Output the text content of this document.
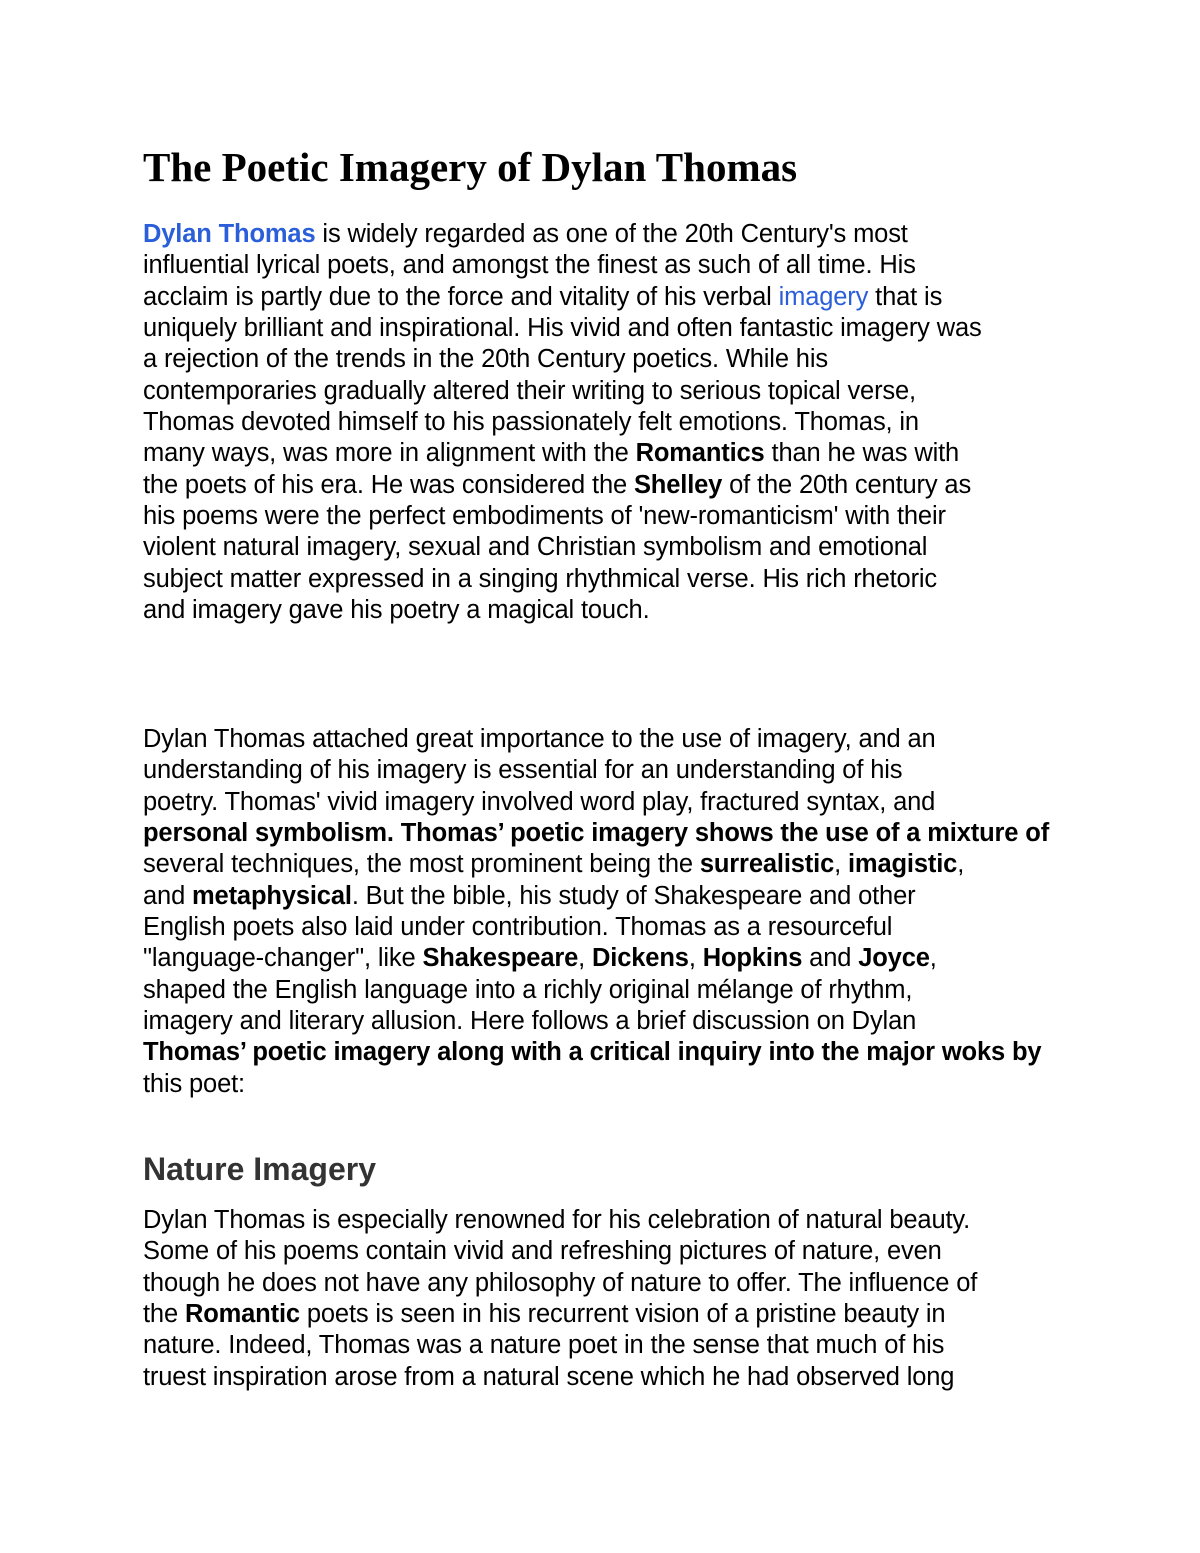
The Poetic Imagery of Dylan Thomas

Dylan Thomas is widely regarded as one of the 20th Century's most
influential lyrical poets, and amongst the finest as such of all time. His
acclaim is partly due to the force and vitality of his verbal imagery that is
uniquely brilliant and inspirational. His vivid and often fantastic imagery was
a rejection of the trends in the 20th Century poetics. While his
contemporaries gradually altered their writing to serious topical verse,
Thomas devoted himself to his passionately felt emotions. Thomas, in
many ways, was more in alignment with the Romantics than he was with
the poets of his era. He was considered the Shelley of the 20th century as
his poems were the perfect embodiments of 'new-romanticism' with their
violent natural imagery, sexual and Christian symbolism and emotional
subject matter expressed in a singing rhythmical verse. His rich rhetoric
and imagery gave his poetry a magical touch.

Dylan Thomas attached great importance to the use of imagery, and an
understanding of his imagery is essential for an understanding of his
poetry. Thomas' vivid imagery involved word play, fractured syntax, and
personal symbolism. Thomas’ poetic imagery shows the use of a mixture of
several techniques, the most prominent being the surrealistic, imagistic,
and metaphysical. But the bible, his study of Shakespeare and other
English poets also laid under contribution. Thomas as a resourceful
"language-changer", like Shakespeare, Dickens, Hopkins and Joyce,
shaped the English language into a richly original mélange of rhythm,
imagery and literary allusion. Here follows a brief discussion on Dylan
Thomas’ poetic imagery along with a critical inquiry into the major woks by
this poet:

Nature Imagery

Dylan Thomas is especially renowned for his celebration of natural beauty.
Some of his poems contain vivid and refreshing pictures of nature, even
though he does not have any philosophy of nature to offer. The influence of
the Romantic poets is seen in his recurrent vision of a pristine beauty in
nature. Indeed, Thomas was a nature poet in the sense that much of his
truest inspiration arose from a natural scene which he had observed long
